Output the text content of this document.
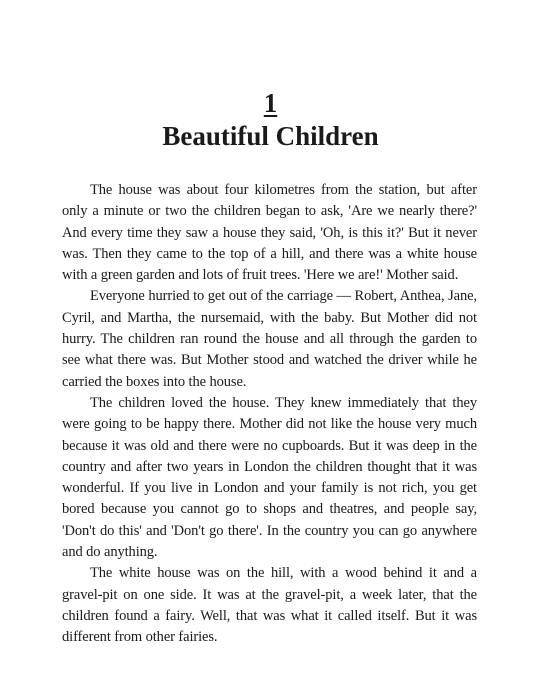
1
Beautiful Children

The house was about four kilometres from the station, but after only a minute or two the children began to ask, 'Are we nearly there?' And every time they saw a house they said, 'Oh, is this it?' But it never was. Then they came to the top of a hill, and there was a white house with a green garden and lots of fruit trees. 'Here we are!' Mother said.

Everyone hurried to get out of the carriage — Robert, Anthea, Jane, Cyril, and Martha, the nursemaid, with the baby. But Mother did not hurry. The children ran round the house and all through the garden to see what there was. But Mother stood and watched the driver while he carried the boxes into the house.

The children loved the house. They knew immediately that they were going to be happy there. Mother did not like the house very much because it was old and there were no cupboards. But it was deep in the country and after two years in London the children thought that it was wonderful. If you live in London and your family is not rich, you get bored because you cannot go to shops and theatres, and people say, 'Don't do this' and 'Don't go there'. In the country you can go anywhere and do anything.

The white house was on the hill, with a wood behind it and a gravel-pit on one side. It was at the gravel-pit, a week later, that the children found a fairy. Well, that was what it called itself. But it was different from other fairies.
